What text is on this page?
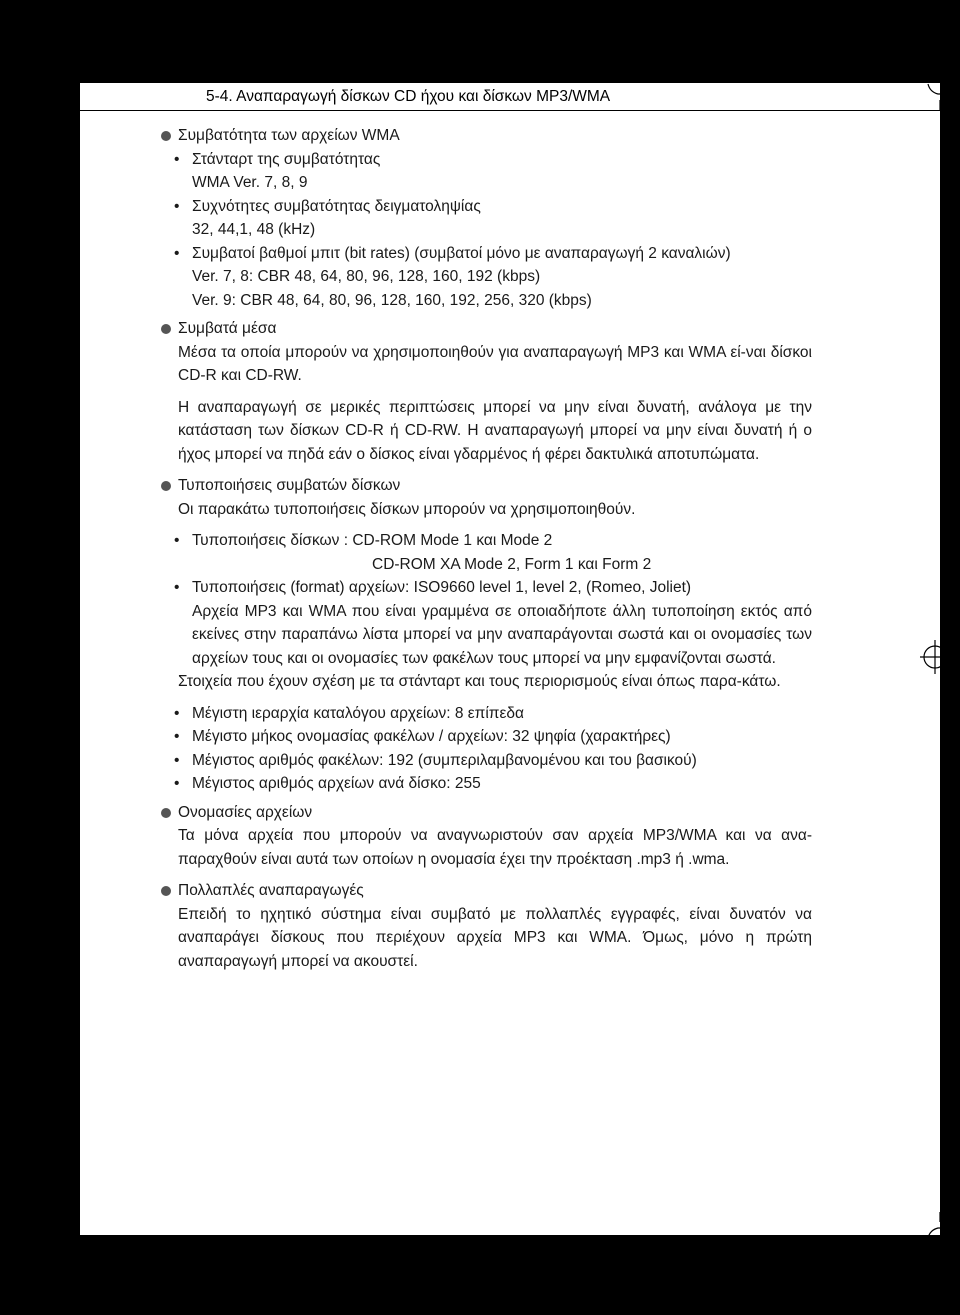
5-4. Αναπαραγωγή δίσκων CD ήχου και δίσκων MP3/WMA

Συμβατότητα των αρχείων WMA

• Στάνταρτ της συμβατότητας

WMA Ver. 7, 8, 9

• Συχνότητες συμβατότητας δειγματοληψίας

32, 44,1, 48 (kHz)

• Συμβατοί βαθμοί μπιτ (bit rates) (συμβατοί μόνο με αναπαραγωγή 2 καναλιών)

Ver. 7, 8: CBR 48, 64, 80, 96, 128, 160, 192 (kbps)

Ver. 9: CBR 48, 64, 80, 96, 128, 160, 192, 256, 320 (kbps)

Συμβατά μέσα

Μέσα τα οποία μπορούν να χρησιμοποιηθούν για αναπαραγωγή MP3 και WMA εί-ναι δίσκοι CD-R και CD-RW.

Η αναπαραγωγή σε μερικές περιπτώσεις μπορεί να μην είναι δυνατή, ανάλογα με την κατάσταση των δίσκων CD-R ή CD-RW. Η αναπαραγωγή μπορεί να μην είναι δυνατή ή ο ήχος μπορεί να πηδά εάν ο δίσκος είναι γδαρμένος ή φέρει δακτυλικά αποτυπώματα.

Τυποποιήσεις συμβατών δίσκων

Οι παρακάτω τυποποιήσεις δίσκων μπορούν να χρησιμοποιηθούν.

• Τυποποιήσεις δίσκων : CD-ROM Mode 1 και Mode 2

CD-ROM XA Mode 2, Form 1 και Form 2

• Τυποποιήσεις (format) αρχείων: ISO9660 level 1, level 2, (Romeo, Joliet)

Αρχεία MP3 και WMA που είναι γραμμένα σε οποιαδήποτε άλλη τυποποίηση εκτός από εκείνες στην παραπάνω λίστα μπορεί να μην αναπαράγονται σωστά και οι ονομασίες των αρχείων τους και οι ονομασίες των φακέλων τους μπορεί να μην εμφανίζονται σωστά.

Στοιχεία που έχουν σχέση με τα στάνταρτ και τους περιορισμούς είναι όπως παρα-κάτω.

• Μέγιστη ιεραρχία καταλόγου αρχείων: 8 επίπεδα

• Μέγιστο μήκος ονομασίας φακέλων / αρχείων: 32 ψηφία (χαρακτήρες)

• Μέγιστος αριθμός φακέλων: 192 (συμπεριλαμβανομένου και του βασικού)

• Μέγιστος αριθμός αρχείων ανά δίσκο: 255

Ονομασίες αρχείων

Τα μόνα αρχεία που μπορούν να αναγνωριστούν σαν αρχεία MP3/WMA και να ανα-παραχθούν είναι αυτά των οποίων η ονομασία έχει την προέκταση .mp3 ή .wma.

Πολλαπλές αναπαραγωγές

Επειδή το ηχητικό σύστημα είναι συμβατό με πολλαπλές εγγραφές, είναι δυνατόν να αναπαράγει δίσκους που περιέχουν αρχεία MP3 και WMA. Όμως, μόνο η πρώτη αναπαραγωγή μπορεί να ακουστεί.
